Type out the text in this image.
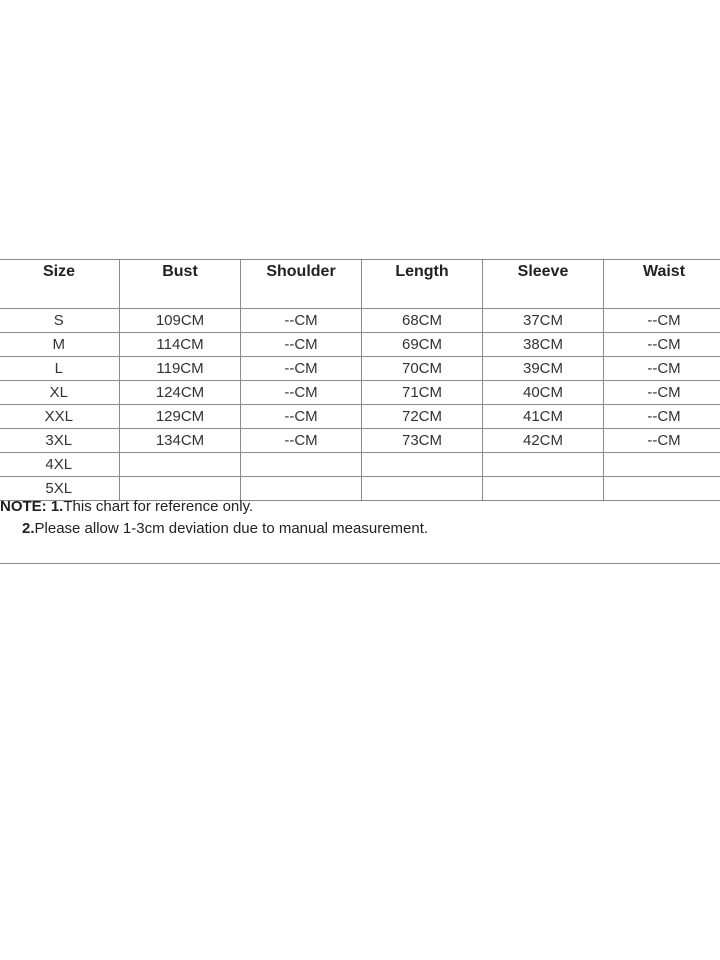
Size	Bust	Shoulder	Length	Sleeve	Waist
S	109CM	--CM	68CM	37CM	--CM
M	114CM	--CM	69CM	38CM	--CM
L	119CM	--CM	70CM	39CM	--CM
XL	124CM	--CM	71CM	40CM	--CM
XXL	129CM	--CM	72CM	41CM	--CM
3XL	134CM	--CM	73CM	42CM	--CM
4XL					
5XL					
NOTE: 1.This chart for reference only.
2.Please allow 1-3cm deviation due to manual measurement.
